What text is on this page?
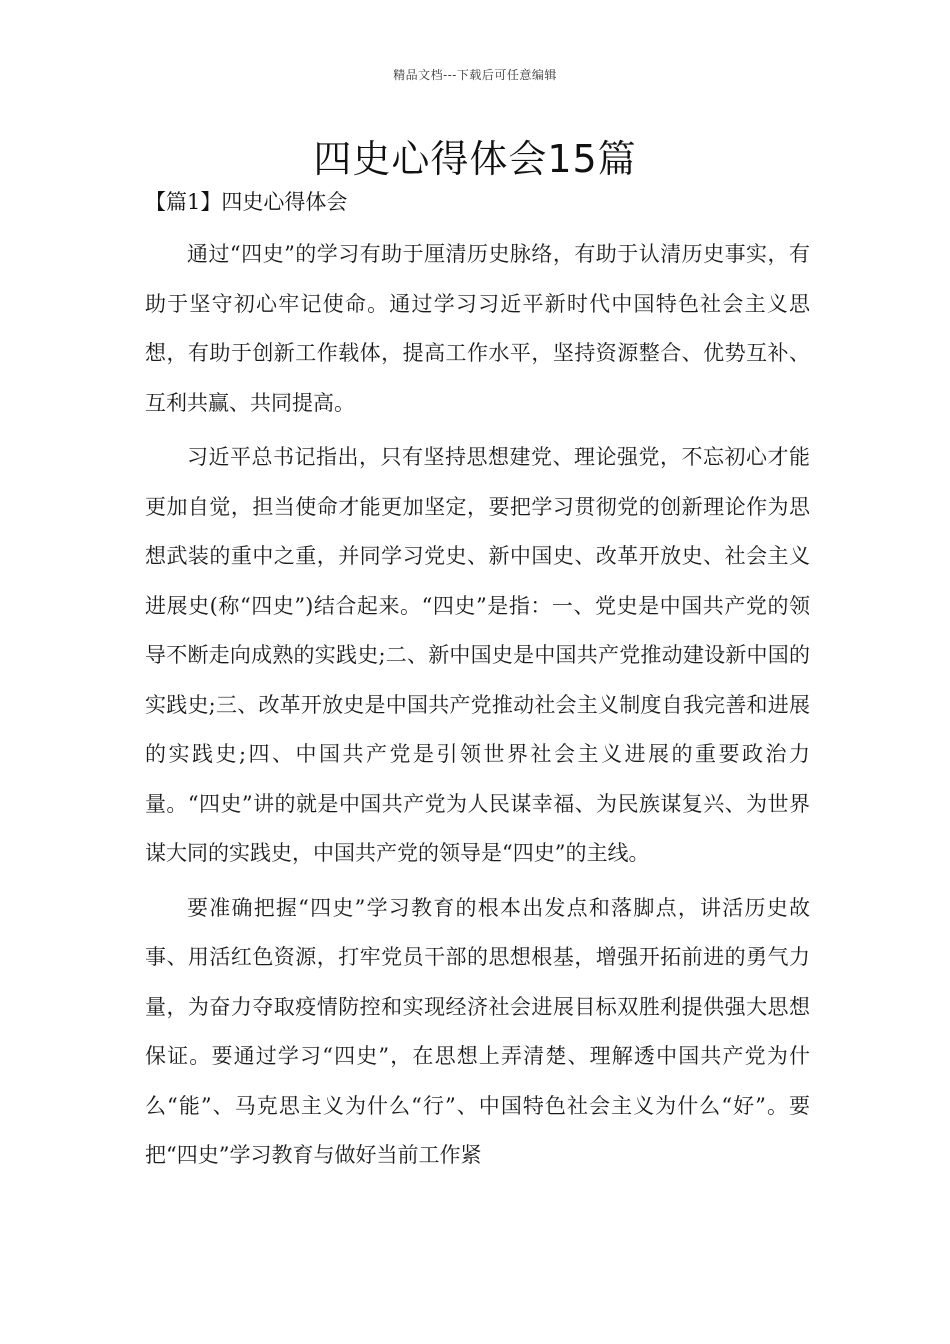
精品文档---下载后可任意编辑
四史心得体会15篇
【篇1】四史心得体会

通过“四史”的学习有助于厘清历史脉络，有助于认清历史事实，有助于坚守初心牢记使命。通过学习习近平新时代中国特色社会主义思想，有助于创新工作载体，提高工作水平，坚持资源整合、优势互补、互利共赢、共同提高。

习近平总书记指出，只有坚持思想建党、理论强党，不忘初心才能更加自觉，担当使命才能更加坚定，要把学习贯彻党的创新理论作为思想武装的重中之重，并同学习党史、新中国史、改革开放史、社会主义进展史(称“四史”)结合起来。“四史”是指：一、党史是中国共产党的领导不断走向成熟的实践史;二、新中国史是中国共产党推动建设新中国的实践史;三、改革开放史是中国共产党推动社会主义制度自我完善和进展的实践史;四、中国共产党是引领世界社会主义进展的重要政治力量。“四史”讲的就是中国共产党为人民谋幸福、为民族谋复兴、为世界谋大同的实践史，中国共产党的领导是“四史”的主线。

要准确把握“四史”学习教育的根本出发点和落脚点，讲活历史故事、用活红色资源，打牢党员干部的思想根基，增强开拓前进的勇气力量，为奋力夺取疫情防控和实现经济社会进展目标双胜利提供强大思想保证。要通过学习“四史”，在思想上弄清楚、理解透中国共产党为什么“能”、马克思主义为什么“行”、中国特色社会主义为什么“好”。要把“四史”学习教育与做好当前工作紧
